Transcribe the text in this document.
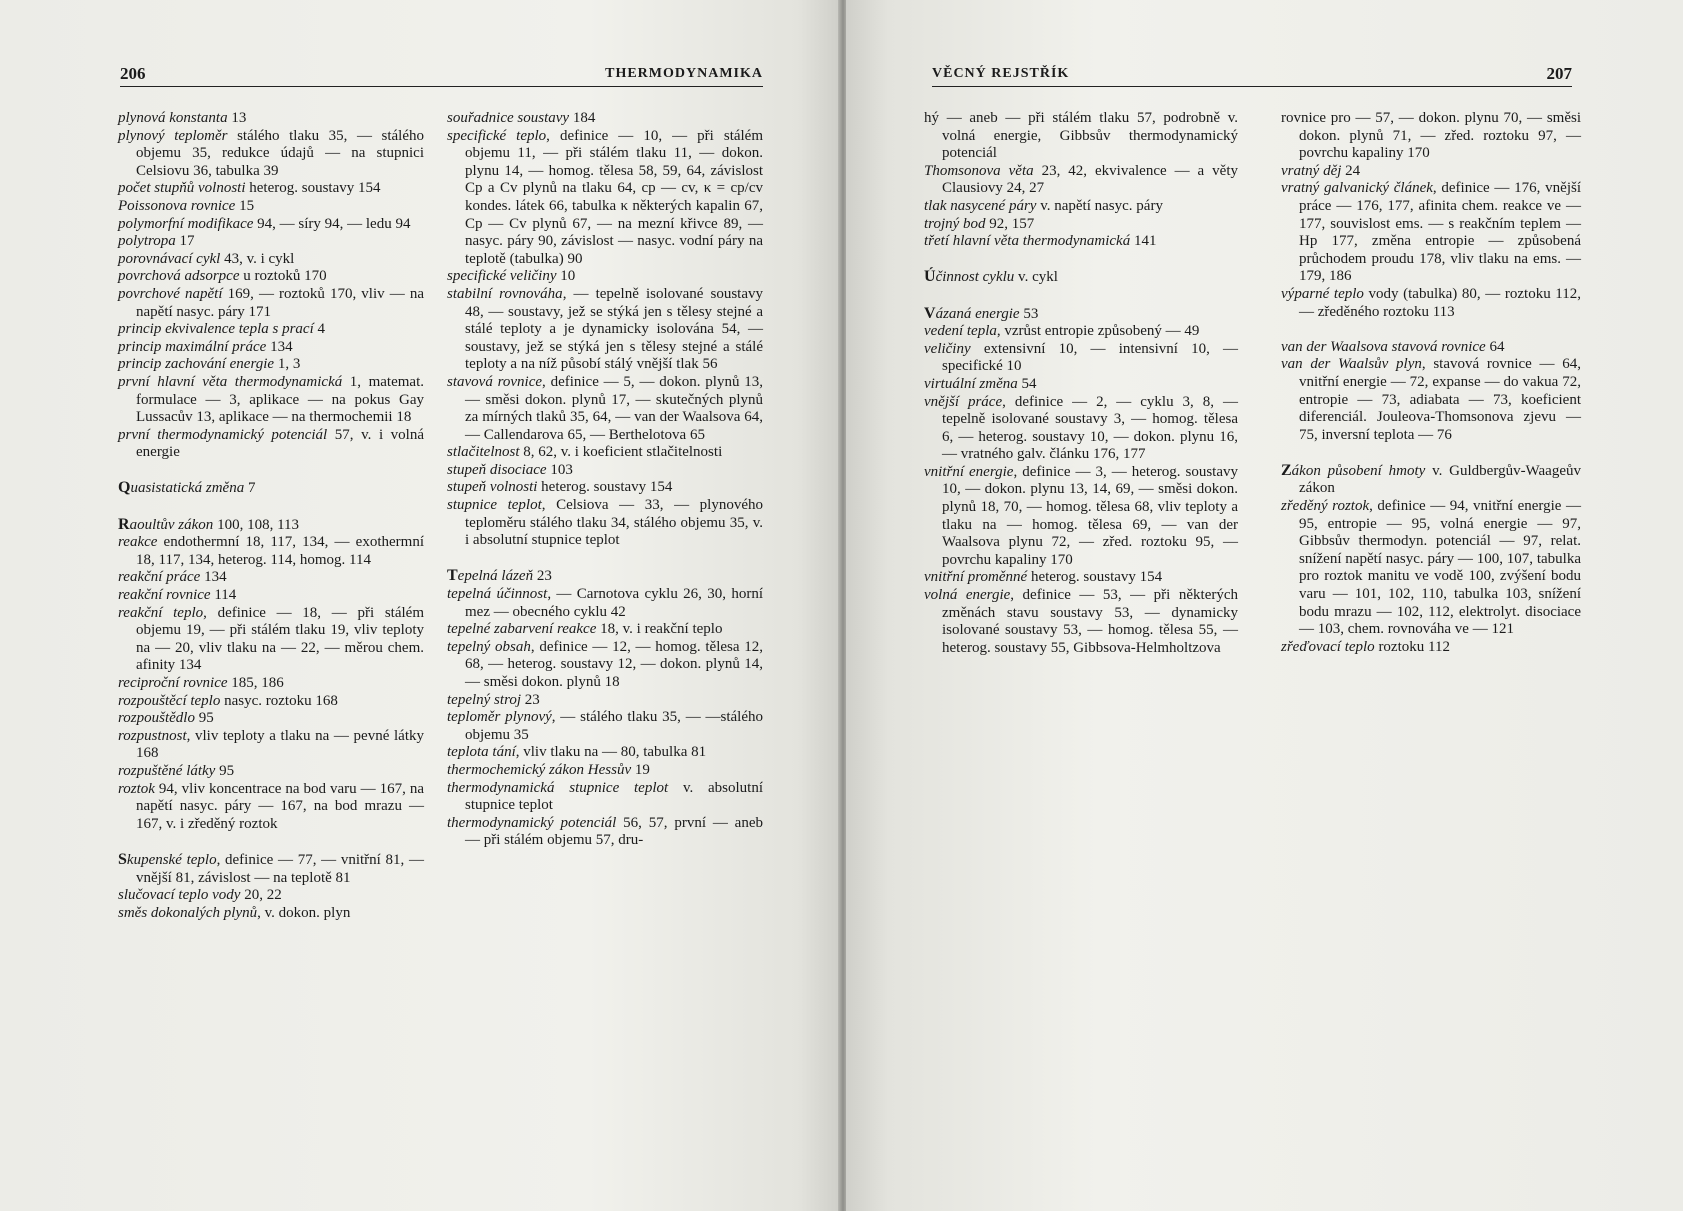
206	THERMODYNAMIKA

plynová konstanta 13

plynový teploměr stálého tlaku 35, — stálého objemu 35, redukce údajů — na stupnici Celsiovu 36, tabulka 39

počet stupňů volnosti heterog. soustavy 154

Poissonova rovnice 15

polymorfní modifikace 94, — síry 94, — ledu 94

polytropa 17

porovnávací cykl 43, v. i cykl

povrchová adsorpce u roztoků 170

povrchové napětí 169, — roztoků 170, vliv — na napětí nasyc. páry 171

princip ekvivalence tepla s prací 4

princip maximální práce 134

princip zachování energie 1, 3

první hlavní věta thermodynamická 1, matemat. formulace — 3, aplikace — na pokus Gay Lussacův 13, aplikace — na thermochemii 18

první thermodynamický potenciál 57, v. i volná energie

Quasistatická změna 7

Raoultův zákon 100, 108, 113

reakce endothermní 18, 117, 134, — exothermní 18, 117, 134, heterog. 114, homog. 114

reakční práce 134

reakční rovnice 114

reakční teplo, definice — 18, — při stálém objemu 19, — při stálém tlaku 19, vliv teploty na — 20, vliv tlaku na — 22, — měrou chem. afinity 134

reciproční rovnice 185, 186

rozpouštěcí teplo nasyc. roztoku 168

rozpouštědlo 95

rozpustnost, vliv teploty a tlaku na — pevné látky 168

rozpuštěné látky 95

roztok 94, vliv koncentrace na bod varu — 167, na napětí nasyc. páry — 167, na bod mrazu — 167, v. i zředěný roztok

Skupenské teplo, definice — 77, — vnitřní 81, — vnější 81, závislost — na teplotě 81

slučovací teplo vody 20, 22

směs dokonalých plynů, v. dokon. plyn

souřadnice soustavy 184

specifické teplo, definice — 10, — při stálém objemu 11, — při stálém tlaku 11, — dokon. plynu 14, — homog. tělesa 58, 59, 64, závislost Cp a Cv plynů na tlaku 64, cp — cv, κ = cp/cv kondes. látek 66, tabulka κ některých kapalin 67, Cp — Cv plynů 67, — na mezní křivce 89, — nasyc. páry 90, závislost — nasyc. vodní páry na teplotě (tabulka) 90

specifické veličiny 10

stabilní rovnováha, — tepelně isolované soustavy 48, — soustavy, jež se stýká jen s tělesy stejné a stálé teploty a je dynamicky isolována 54, — soustavy, jež se stýká jen s tělesy stejné a stálé teploty a na níž působí stálý vnější tlak 56

stavová rovnice, definice — 5, — dokon. plynů 13, — směsi dokon. plynů 17, — skutečných plynů za mírných tlaků 35, 64, — van der Waalsova 64, — Callendarova 65, — Berthelotova 65

stlačitelnost 8, 62, v. i koeficient stlačitelnosti

stupeň disociace 103

stupeň volnosti heterog. soustavy 154

stupnice teplot, Celsiova — 33, — plynového teploměru stálého tlaku 34, stálého objemu 35, v. i absolutní stupnice teplot

Tepelná lázeň 23

tepelná účinnost, — Carnotova cyklu 26, 30, horní mez — obecného cyklu 42

tepelné zabarvení reakce 18, v. i reakční teplo

tepelný obsah, definice — 12, — homog. tělesa 12, 68, — heterog. soustavy 12, — dokon. plynů 14, — směsi dokon. plynů 18

tepelný stroj 23

teploměr plynový, — stálého tlaku 35, — —stálého objemu 35

teplota tání, vliv tlaku na — 80, tabulka 81

thermochemický zákon Hessův 19

thermodynamická stupnice teplot v. absolutní stupnice teplot

thermodynamický potenciál 56, 57, první — aneb — při stálém objemu 57, dru-

VĚCNÝ REJSTŘÍK	207

hý — aneb — při stálém tlaku 57, podrobně v. volná energie, Gibbsův thermodynamický potenciál

Thomsonova věta 23, 42, ekvivalence — a věty Clausiovy 24, 27

tlak nasycené páry v. napětí nasyc. páry

trojný bod 92, 157

třetí hlavní věta thermodynamická 141

Účinnost cyklu v. cykl

Vázaná energie 53

vedení tepla, vzrůst entropie způsobený — 49

veličiny extensivní 10, — intensivní 10, — specifické 10

virtuální změna 54

vnější práce, definice — 2, — cyklu 3, 8, — tepelně isolované soustavy 3, — homog. tělesa 6, — heterog. soustavy 10, — dokon. plynu 16, — vratného galv. článku 176, 177

vnitřní energie, definice — 3, — heterog. soustavy 10, — dokon. plynu 13, 14, 69, — směsi dokon. plynů 18, 70, — homog. tělesa 68, vliv teploty a tlaku na — homog. tělesa 69, — van der Waalsova plynu 72, — zřed. roztoku 95, — povrchu kapaliny 170

vnitřní proměnné heterog. soustavy 154

volná energie, definice — 53, — při některých změnách stavu soustavy 53, — dynamicky isolované soustavy 53, — homog. tělesa 55, — heterog. soustavy 55, Gibbsova-Helmholtzova

rovnice pro — 57, — dokon. plynu 70, — směsi dokon. plynů 71, — zřed. roztoku 97, — povrchu kapaliny 170

vratný děj 24

vratný galvanický článek, definice — 176, vnější práce — 176, 177, afinita chem. reakce ve — 177, souvislost ems. — s reakčním teplem — Hp 177, změna entropie — způsobená průchodem proudu 178, vliv tlaku na ems. — 179, 186

výparné teplo vody (tabulka) 80, — roztoku 112, — zředěného roztoku 113

van der Waalsova stavová rovnice 64

van der Waalsův plyn, stavová rovnice — 64, vnitřní energie — 72, expanse — do vakua 72, entropie — 73, adiabata — 73, koeficient diferenciál. Jouleova-Thomsonova zjevu — 75, inversní teplota — 76

Zákon působení hmoty v. Guldbergův-Waageův zákon

zředěný roztok, definice — 94, vnitřní energie — 95, entropie — 95, volná energie — 97, Gibbsův thermodyn. potenciál — 97, relat. snížení napětí nasyc. páry — 100, 107, tabulka pro roztok manitu ve vodě 100, zvýšení bodu varu — 101, 102, 110, tabulka 103, snížení bodu mrazu — 102, 112, elektrolyt. disociace — 103, chem. rovnováha ve — 121

zřeďovací teplo roztoku 112
